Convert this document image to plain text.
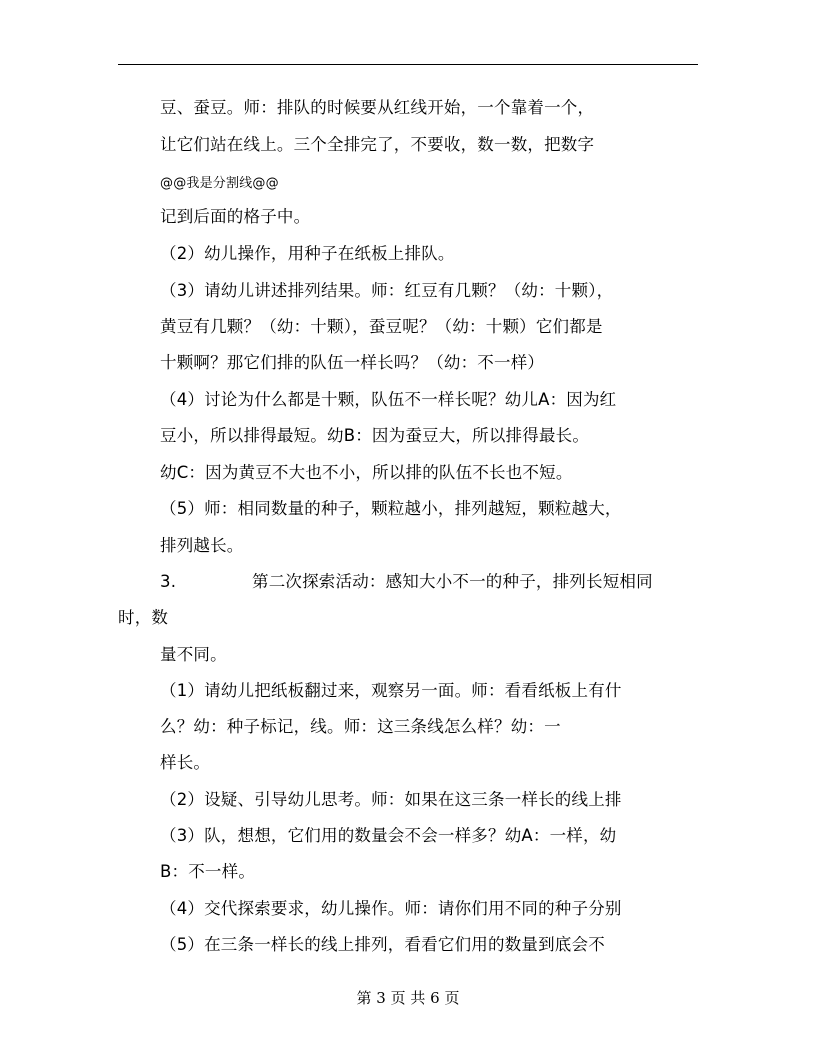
豆、蚕豆。师：排队的时候要从红线开始，一个靠着一个，
让它们站在线上。三个全排完了，不要收，数一数，把数字
@@我是分割线@@
记到后面的格子中。
（2）幼儿操作，用种子在纸板上排队。
（3）请幼儿讲述排列结果。师：红豆有几颗？（幼：十颗），
黄豆有几颗？（幼：十颗），蚕豆呢？（幼：十颗）它们都是
十颗啊？那它们排的队伍一样长吗？（幼：不一样）
（4）讨论为什么都是十颗，队伍不一样长呢？幼儿A：因为红
豆小，所以排得最短。幼B：因为蚕豆大，所以排得最长。
幼C：因为黄豆不大也不小，所以排的队伍不长也不短。
（5）师：相同数量的种子，颗粒越小，排列越短，颗粒越大，
排列越长。
3.	第二次探索活动：感知大小不一的种子，排列长短相同
时，数
量不同。
（1）请幼儿把纸板翻过来，观察另一面。师：看看纸板上有什
么？幼：种子标记，线。师：这三条线怎么样？幼：一
样长。
（2）设疑、引导幼儿思考。师：如果在这三条一样长的线上排
（3）队，想想，它们用的数量会不会一样多？幼A：一样，幼
B：不一样。
（4）交代探索要求，幼儿操作。师：请你们用不同的种子分别
（5）在三条一样长的线上排列，看看它们用的数量到底会不
第 3 页 共 6 页
